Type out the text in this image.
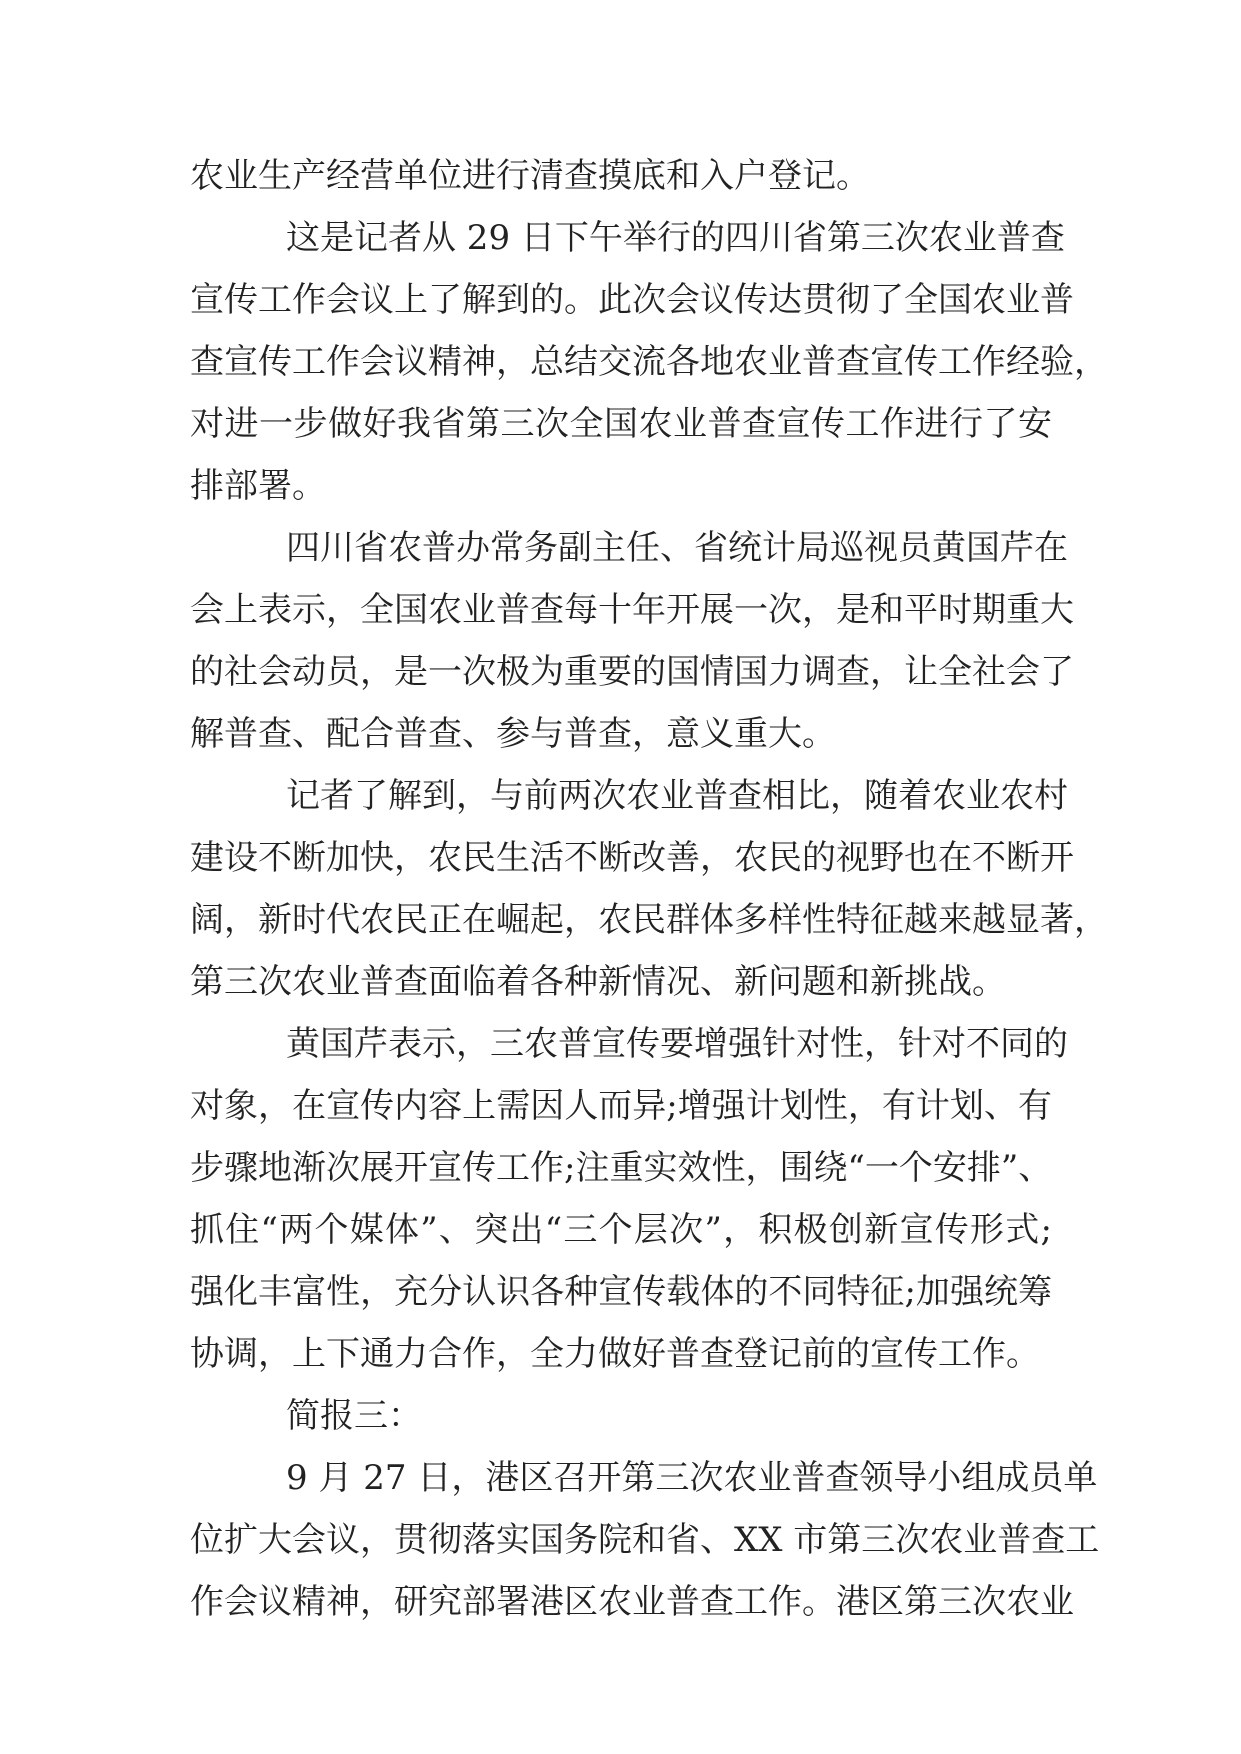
农业生产经营单位进行清查摸底和入户登记。
这是记者从 29 日下午举行的四川省第三次农业普查
宣传工作会议上了解到的。此次会议传达贯彻了全国农业普
查宣传工作会议精神，总结交流各地农业普查宣传工作经验，
对进一步做好我省第三次全国农业普查宣传工作进行了安
排部署。
四川省农普办常务副主任、省统计局巡视员黄国芹在
会上表示，全国农业普查每十年开展一次，是和平时期重大
的社会动员，是一次极为重要的国情国力调查，让全社会了
解普查、配合普查、参与普查，意义重大。
记者了解到，与前两次农业普查相比，随着农业农村
建设不断加快，农民生活不断改善，农民的视野也在不断开
阔，新时代农民正在崛起，农民群体多样性特征越来越显著，
第三次农业普查面临着各种新情况、新问题和新挑战。
黄国芹表示，三农普宣传要增强针对性，针对不同的
对象，在宣传内容上需因人而异;增强计划性，有计划、有
步骤地渐次展开宣传工作;注重实效性，围绕“一个安排”、
抓住“两个媒体”、突出“三个层次”，积极创新宣传形式;
强化丰富性，充分认识各种宣传载体的不同特征;加强统筹
协调，上下通力合作，全力做好普查登记前的宣传工作。
简报三：
9 月 27 日，港区召开第三次农业普查领导小组成员单
位扩大会议，贯彻落实国务院和省、XX 市第三次农业普查工
作会议精神，研究部署港区农业普查工作。港区第三次农业
